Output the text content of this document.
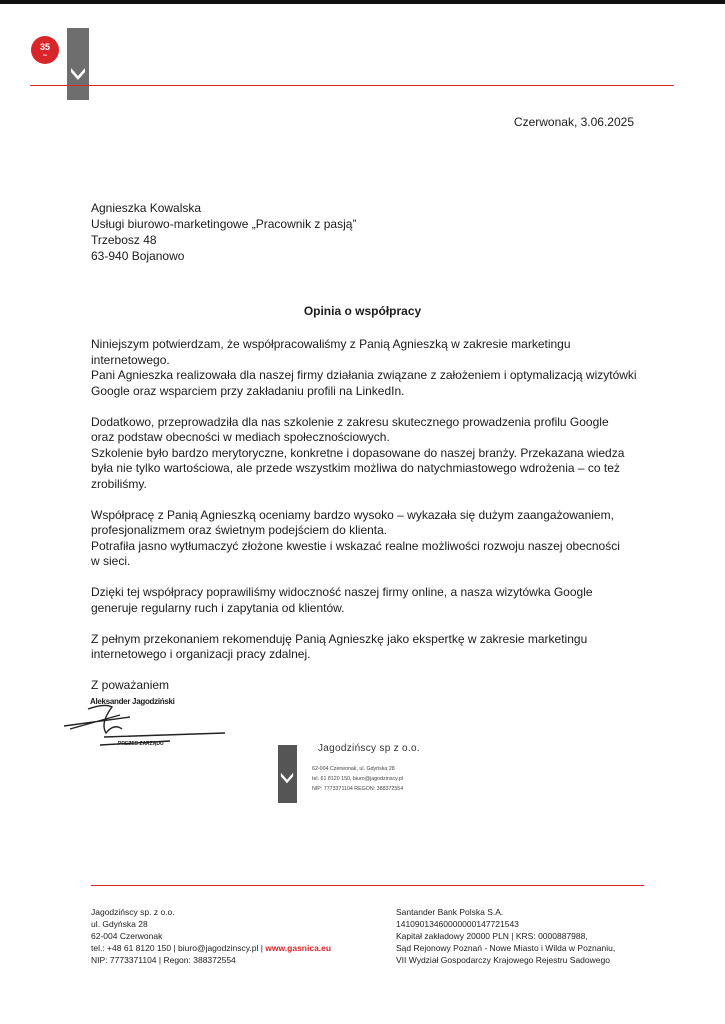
35
lat
Czerwonak, 3.06.2025
Agnieszka Kowalska
Usługi biurowo-marketingowe „Pracownik z pasją”
Trzebosz 48
63-940 Bojanowo
Opinia o współpracy

Niniejszym potwierdzam, że współpracowaliśmy z Panią Agnieszką w zakresie marketingu
internetowego.
Pani Agnieszka realizowała dla naszej firmy działania związane z założeniem i optymalizacją wizytówki
Google oraz wsparciem przy zakładaniu profili na LinkedIn.

Dodatkowo, przeprowadziła dla nas szkolenie z zakresu skutecznego prowadzenia profilu Google
oraz podstaw obecności w mediach społecznościowych.
Szkolenie było bardzo merytoryczne, konkretne i dopasowane do naszej branży. Przekazana wiedza
była nie tylko wartościowa, ale przede wszystkim możliwa do natychmiastowego wdrożenia – co też
zrobiliśmy.

Współpracę z Panią Agnieszką oceniamy bardzo wysoko – wykazała się dużym zaangażowaniem,
profesjonalizmem oraz świetnym podejściem do klienta.
Potrafiła jasno wytłumaczyć złożone kwestie i wskazać realne możliwości rozwoju naszej obecności
w sieci.

Dzięki tej współpracy poprawiliśmy widoczność naszej firmy online, a nasza wizytówka Google
generuje regularny ruch i zapytania od klientów.

Z pełnym przekonaniem rekomenduję Panią Agnieszkę jako ekspertkę w zakresie marketingu
internetowego i organizacji pracy zdalnej.

Z poważaniem

Aleksander Jagodziński
PREZES ZARZĄDU	Jagodzińscy sp z o.o.
62-004 Czerwonak, ul. Gdyńska 28
tel. 61 8120 150, biuro@jagodzinscy.pl
NIP: 7773371104 REGON: 388372554
Jagodzińscy sp. z o.o.
ul. Gdyńska 28
62-004 Czerwonak
tel.: +48 61 8120 150 | biuro@jagodzinscy.pl | www.gasnica.eu
NIP: 7773371104 | Regon: 388372554
Santander Bank Polska S.A.
14109013460000000147721543
Kapitał zakładowy 20000 PLN | KRS: 0000887988,
Sąd Rejonowy Poznań - Nowe Miasto i Wilda w Poznaniu,
VII Wydział Gospodarczy Krajowego Rejestru Sadowego
